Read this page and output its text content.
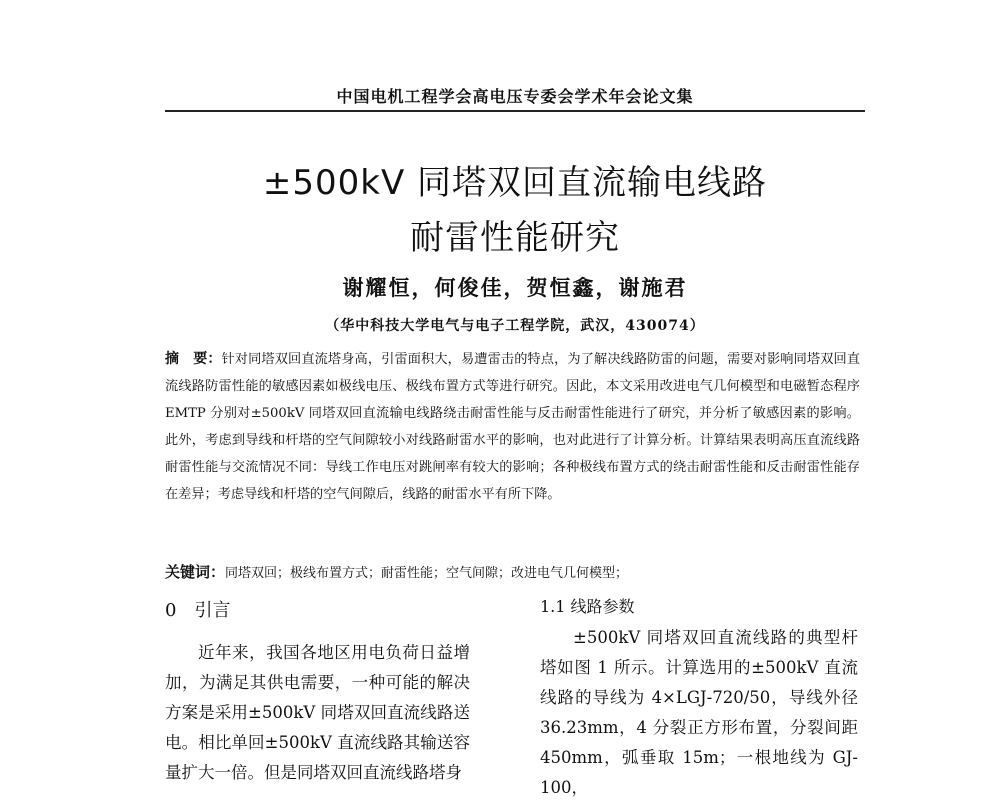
中国电机工程学会高电压专委会学术年会论文集
±500kV 同塔双回直流输电线路
耐雷性能研究
谢耀恒，何俊佳，贺恒鑫，谢施君
（华中科技大学电气与电子工程学院，武汉，430074）
摘　要：针对同塔双回直流塔身高，引雷面积大，易遭雷击的特点，为了解决线路防雷的问题，需要对影响同塔双回直流线路防雷性能的敏感因素如极线电压、极线布置方式等进行研究。因此，本文采用改进电气几何模型和电磁暂态程序 EMTP 分别对±500kV 同塔双回直流输电线路绕击耐雷性能与反击耐雷性能进行了研究，并分析了敏感因素的影响。此外，考虑到导线和杆塔的空气间隙较小对线路耐雷水平的影响，也对此进行了计算分析。计算结果表明高压直流线路耐雷性能与交流情况不同：导线工作电压对跳闸率有较大的影响；各种极线布置方式的绕击耐雷性能和反击耐雷性能存在差异；考虑导线和杆塔的空气间隙后，线路的耐雷水平有所下降。
关键词：同塔双回；极线布置方式；耐雷性能；空气间隙；改进电气几何模型；
0　引言
近年来，我国各地区用电负荷日益增加，为满足其供电需要，一种可能的解决方案是采用±500kV 同塔双回直流线路送电。相比单回±500kV 直流线路其输送容量扩大一倍。但是同塔双回直流线路塔身
1.1 线路参数
±500kV 同塔双回直流线路的典型杆塔如图 1 所示。计算选用的±500kV 直流线路的导线为 4×LGJ-720/50，导线外径36.23mm，4 分裂正方形布置，分裂间距450mm，弧垂取 15m；一根地线为 GJ-100，
